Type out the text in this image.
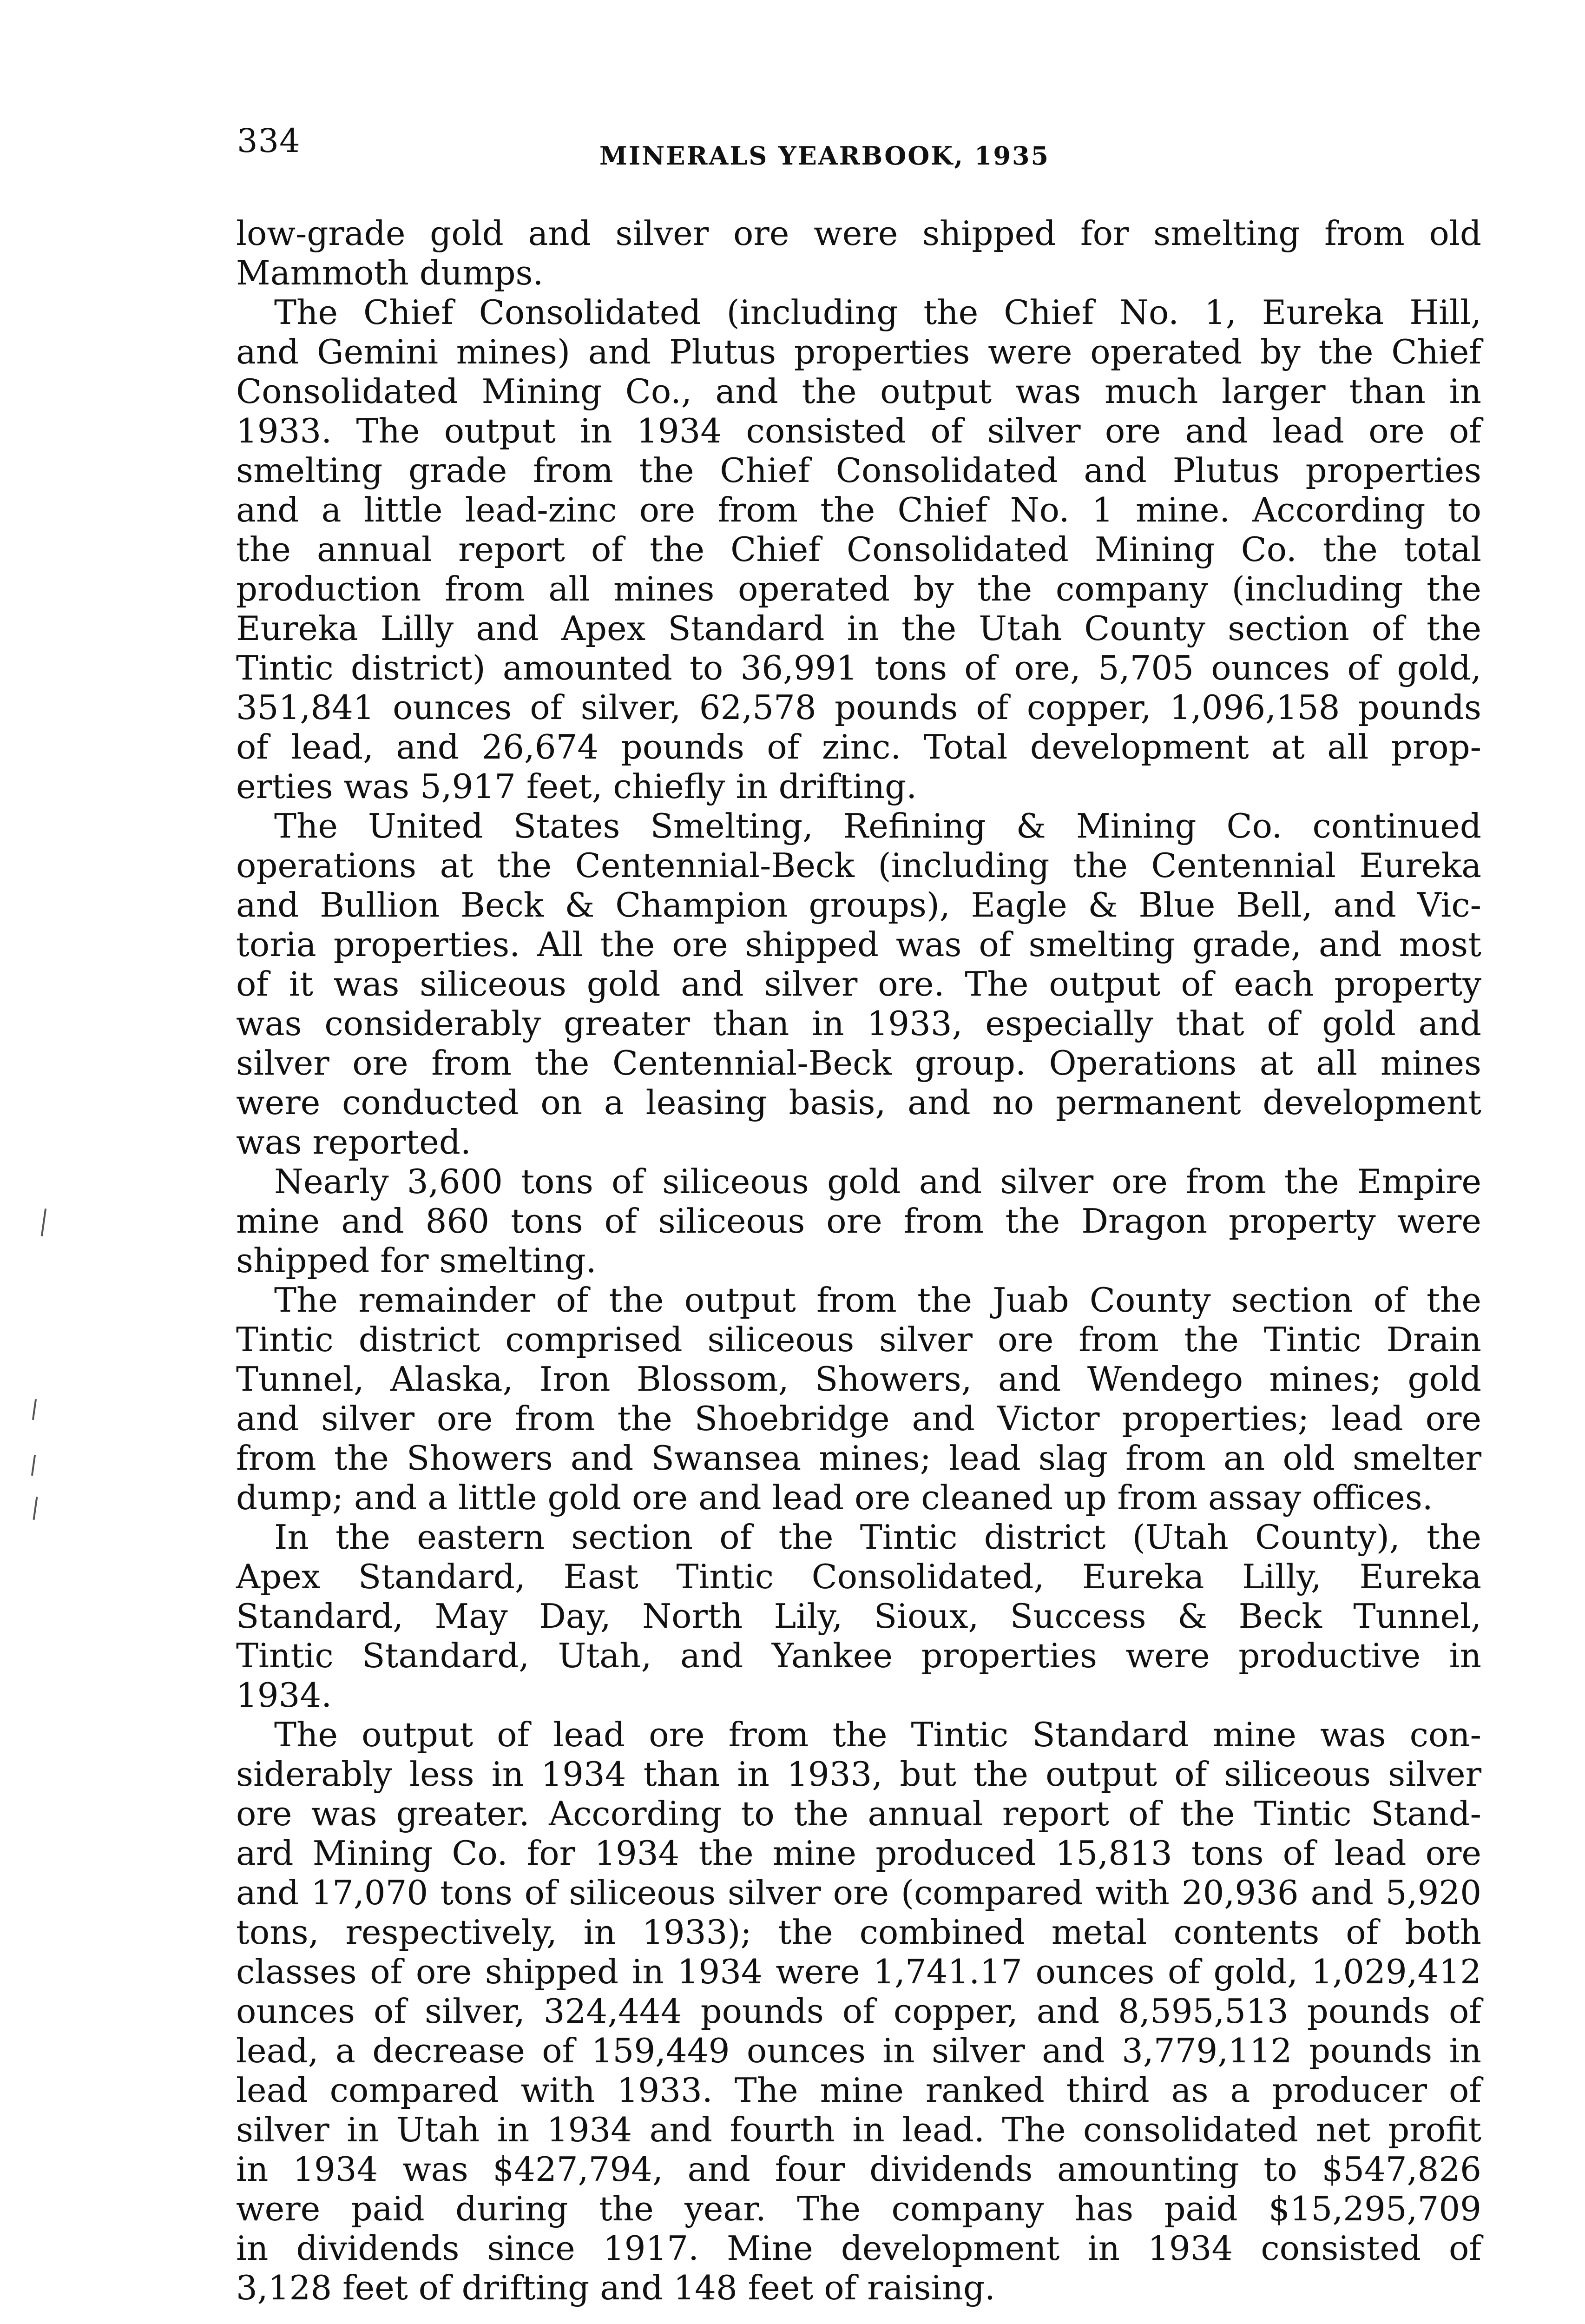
334	MINERALS YEARBOOK, 1935
low-grade gold and silver ore were shipped for smelting from old
Mammoth dumps.
The Chief Consolidated (including the Chief No. 1, Eureka Hill,
and Gemini mines) and Plutus properties were operated by the Chief
Consolidated Mining Co., and the output was much larger than in
1933. The output in 1934 consisted of silver ore and lead ore of
smelting grade from the Chief Consolidated and Plutus properties
and a little lead-zinc ore from the Chief No. 1 mine. According to
the annual report of the Chief Consolidated Mining Co. the total
production from all mines operated by the company (including the
Eureka Lilly and Apex Standard in the Utah County section of the
Tintic district) amounted to 36,991 tons of ore, 5,705 ounces of gold,
351,841 ounces of silver, 62,578 pounds of copper, 1,096,158 pounds
of lead, and 26,674 pounds of zinc. Total development at all prop-
erties was 5,917 feet, chiefly in drifting.
The United States Smelting, Refining & Mining Co. continued
operations at the Centennial-Beck (including the Centennial Eureka
and Bullion Beck & Champion groups), Eagle & Blue Bell, and Vic-
toria properties. All the ore shipped was of smelting grade, and most
of it was siliceous gold and silver ore. The output of each property
was considerably greater than in 1933, especially that of gold and
silver ore from the Centennial-Beck group. Operations at all mines
were conducted on a leasing basis, and no permanent development
was reported.
Nearly 3,600 tons of siliceous gold and silver ore from the Empire
mine and 860 tons of siliceous ore from the Dragon property were
shipped for smelting.
The remainder of the output from the Juab County section of the
Tintic district comprised siliceous silver ore from the Tintic Drain
Tunnel, Alaska, Iron Blossom, Showers, and Wendego mines; gold
and silver ore from the Shoebridge and Victor properties; lead ore
from the Showers and Swansea mines; lead slag from an old smelter
dump; and a little gold ore and lead ore cleaned up from assay offices.
In the eastern section of the Tintic district (Utah County), the
Apex Standard, East Tintic Consolidated, Eureka Lilly, Eureka
Standard, May Day, North Lily, Sioux, Success & Beck Tunnel,
Tintic Standard, Utah, and Yankee properties were productive in
1934.
The output of lead ore from the Tintic Standard mine was con-
siderably less in 1934 than in 1933, but the output of siliceous silver
ore was greater. According to the annual report of the Tintic Stand-
ard Mining Co. for 1934 the mine produced 15,813 tons of lead ore
and 17,070 tons of siliceous silver ore (compared with 20,936 and 5,920
tons, respectively, in 1933); the combined metal contents of both
classes of ore shipped in 1934 were 1,741.17 ounces of gold, 1,029,412
ounces of silver, 324,444 pounds of copper, and 8,595,513 pounds of
lead, a decrease of 159,449 ounces in silver and 3,779,112 pounds in
lead compared with 1933. The mine ranked third as a producer of
silver in Utah in 1934 and fourth in lead. The consolidated net profit
in 1934 was $427,794, and four dividends amounting to $547,826
were paid during the year. The company has paid $15,295,709
in dividends since 1917. Mine development in 1934 consisted of
3,128 feet of drifting and 148 feet of raising.
